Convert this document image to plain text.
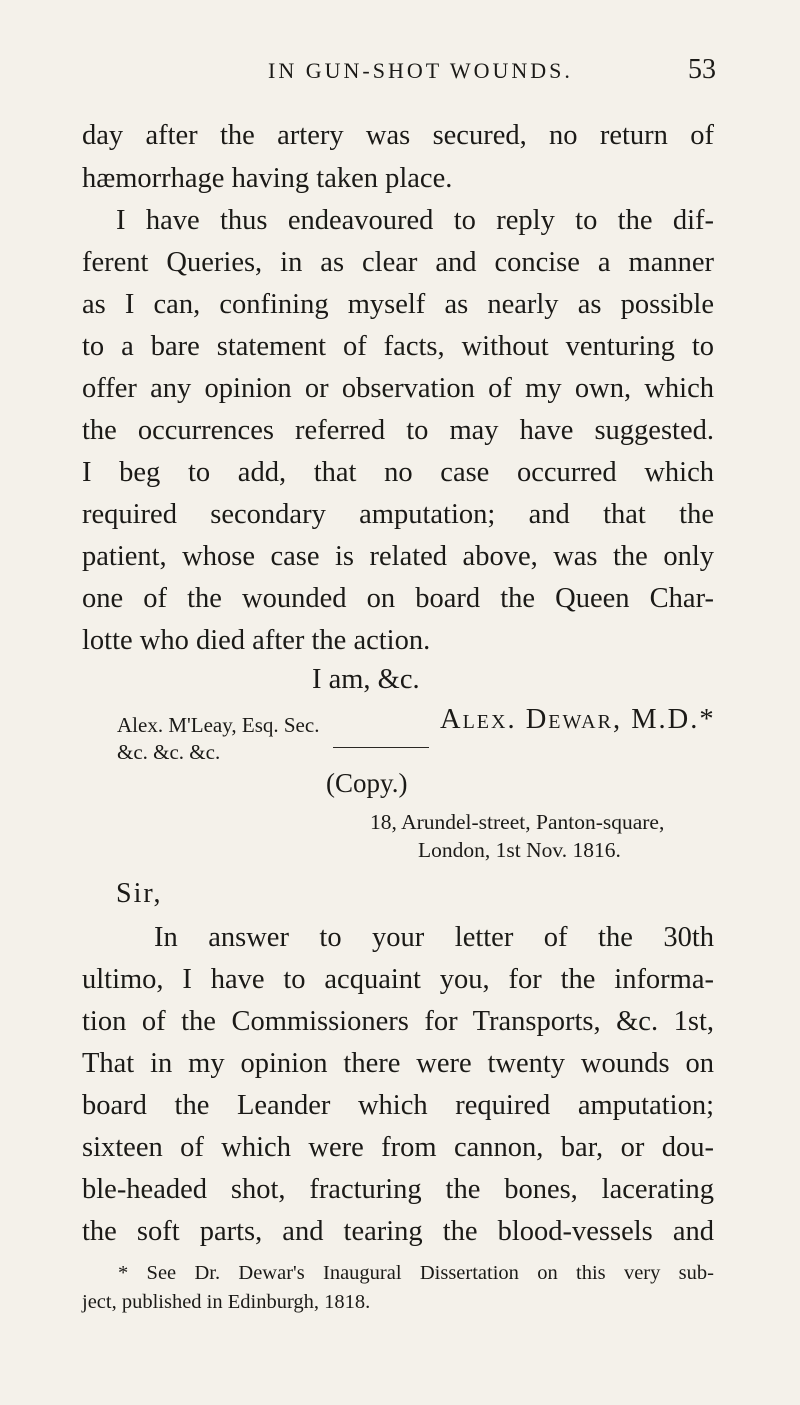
IN GUN-SHOT WOUNDS.	53
day after the artery was secured, no return of
hæmorrhage having taken place.
I have thus endeavoured to reply to the dif-
ferent Queries, in as clear and concise a manner
as I can, confining myself as nearly as possible
to a bare statement of facts, without venturing to
offer any opinion or observation of my own, which
the occurrences referred to may have suggested.
I beg to add, that no case occurred which
required secondary amputation; and that the
patient, whose case is related above, was the only
one of the wounded on board the Queen Char-
lotte who died after the action.
I am, &c.
Alex. Dewar, M.D.*
Alex. M'Leay, Esq. Sec.
&c. &c. &c.
(Copy.)
18, Arundel-street, Panton-square,
London, 1st Nov. 1816.
Sir,
In answer to your letter of the 30th
ultimo, I have to acquaint you, for the informa-
tion of the Commissioners for Transports, &c. 1st,
That in my opinion there were twenty wounds on
board the Leander which required amputation;
sixteen of which were from cannon, bar, or dou-
ble-headed shot, fracturing the bones, lacerating
the soft parts, and tearing the blood-vessels and
* See Dr. Dewar's Inaugural Dissertation on this very sub-
ject, published in Edinburgh, 1818.
